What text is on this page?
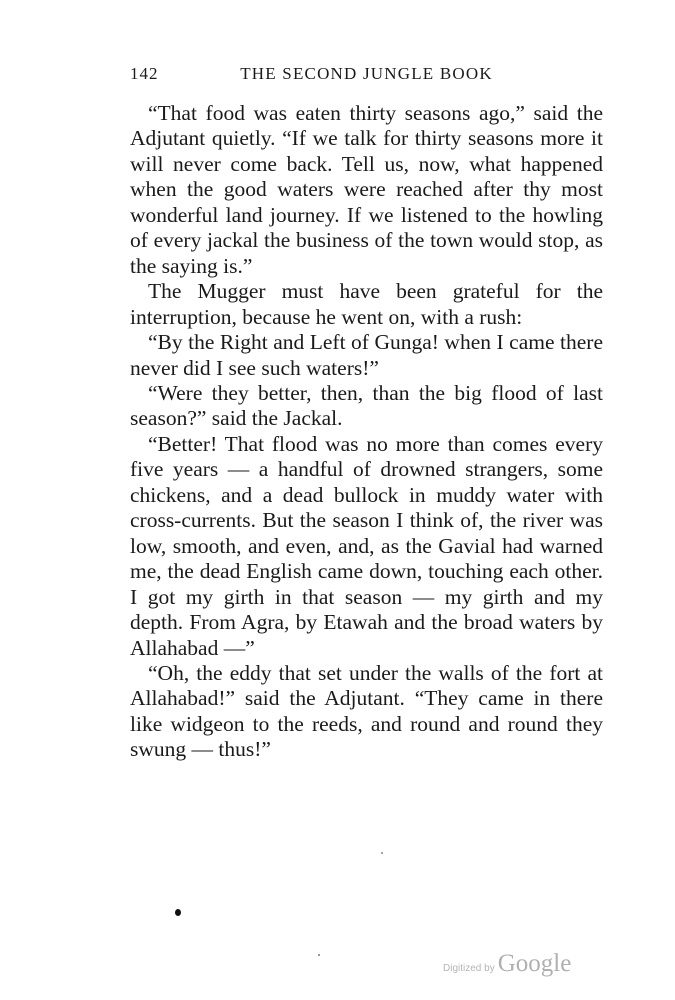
142	THE SECOND JUNGLE BOOK

“That food was eaten thirty seasons ago,” said the Adjutant quietly. “If we talk for thirty seasons more it will never come back. Tell us, now, what happened when the good waters were reached after thy most wonderful land journey. If we listened to the howling of every jackal the business of the town would stop, as the saying is.”

The Mugger must have been grateful for the interruption, because he went on, with a rush:

“By the Right and Left of Gunga! when I came there never did I see such waters!”

“Were they better, then, than the big flood of last season?” said the Jackal.

“Better! That flood was no more than comes every five years — a handful of drowned strangers, some chickens, and a dead bullock in muddy water with cross-currents. But the season I think of, the river was low, smooth, and even, and, as the Gavial had warned me, the dead English came down, touching each other. I got my girth in that season — my girth and my depth. From Agra, by Etawah and the broad waters by Allahabad —”

“Oh, the eddy that set under the walls of the fort at Allahabad!” said the Adjutant. “They came in there like widgeon to the reeds, and round and round they swung — thus!”

Digitized by Google
